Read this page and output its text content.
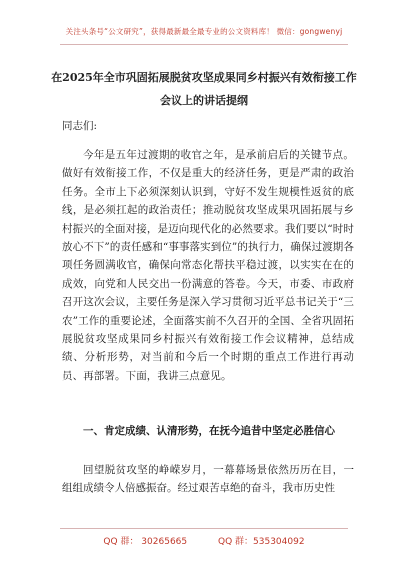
关注头条号“公文研究”，获得最新最全最专业的公文资料库！ 微信：gongwenyj
在2025年全市巩固拓展脱贫攻坚成果同乡村振兴有效衔接工作会议上的讲话提纲
同志们:
今年是五年过渡期的收官之年，是承前启后的关键节点。做好有效衔接工作，不仅是重大的经济任务，更是严肃的政治任务。全市上下必须深刻认识到，守好不发生规模性返贫的底线，是必须扛起的政治责任；推动脱贫攻坚成果巩固拓展与乡村振兴的全面对接，是迈向现代化的必然要求。我们要以“时时放心不下”的责任感和“事事落实到位”的执行力，确保过渡期各项任务圆满收官，确保向常态化帮扶平稳过渡，以实实在在的成效，向党和人民交出一份满意的答卷。今天，市委、市政府召开这次会议，主要任务是深入学习贯彻习近平总书记关于“三农”工作的重要论述，全面落实前不久召开的全国、全省巩固拓展脱贫攻坚成果同乡村振兴有效衔接工作会议精神，总结成绩、分析形势，对当前和今后一个时期的重点工作进行再动员、再部署。下面，我讲三点意见。
一、肯定成绩、认清形势，在抚今追昔中坚定必胜信心
回望脱贫攻坚的峥嵘岁月，一幕幕场景依然历历在目，一组组成绩令人倍感振奋。经过艰苦卓绝的奋斗，我市历史性
QQ 群： 30265665	QQ 群：535304092
